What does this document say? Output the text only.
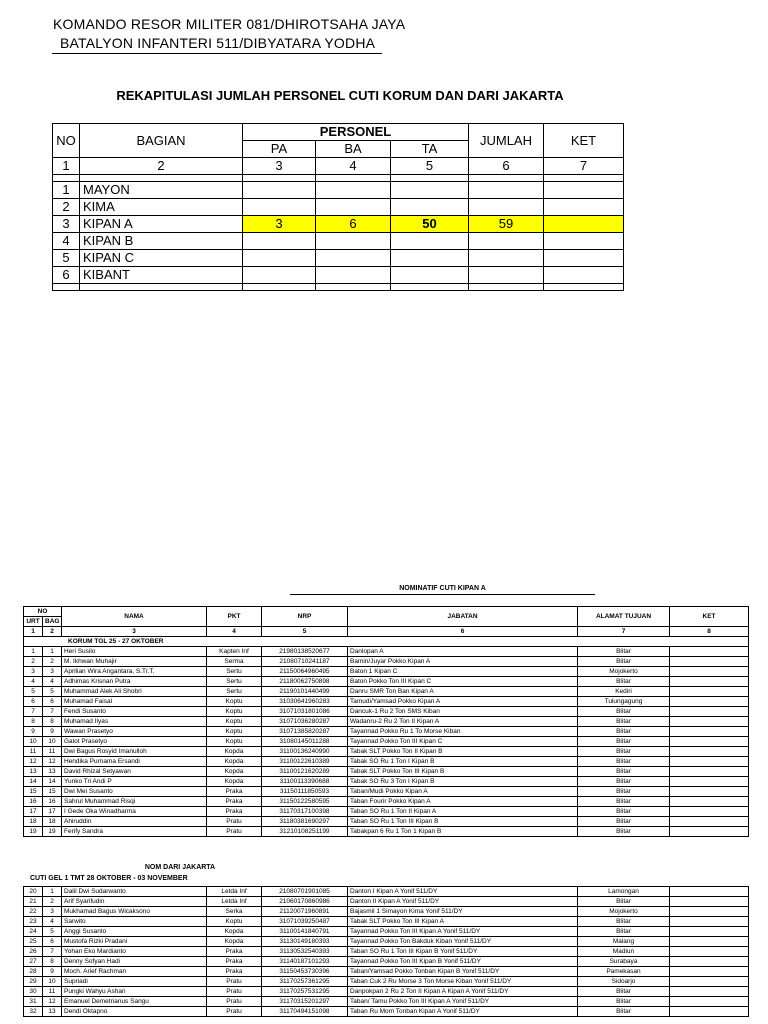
KOMANDO RESOR MILITER 081/DHIROTSAHA JAYA
BATALYON INFANTERI 511/DIBYATARA YODHA
REKAPITULASI JUMLAH PERSONEL CUTI KORUM DAN DARI JAKARTA
NO	BAGIAN	PERSONEL			JUMLAH	KET
		PA	BA	TA		
1	2	3	4	5	6	7

1	MAYON					
2	KIMA					
3	KIPAN A	3	6	50	59	
4	KIPAN B					
5	KIPAN C					
6	KIBANT					

NOMINATIF CUTI KIPAN A
NO		NAMA	PKT	NRP	JABATAN	ALAMAT TUJUAN	KET
URT	BAG						
1	2	3	4	5	6	7	8
KORUM TGL 25 - 27 OKTOBER							
1	1	Heri Susilo	Kapten Inf	21980138520677	Danlopan A	Blitar	
2	2	M. Ikhwan Muhajir	Serma	21080710241187	Bamin/Juyar Pokko Kipan A	Blitar	
3	3	Aprilian Wira Angantara, S.Tr.T.	Sertu	21150064960495	Baton 1 Kipan C	Mojokerto	
4	4	Adhimas Krisnan Putra	Sertu	21180062750898	Baton Pokko Ton III Kipan C	Blitar	
5	5	Muhammad Alek Ali Shobri	Sertu	21190101440499	Danru SMR Ton Ban Kipan A	Kediri	
6	6	Muhamad Faisal	Koptu	31030641960283	Tamudi/Yamsad Pokko Kipan A	Tulungagung	
7	7	Fendi Susanto	Koptu	31071031801086	Dancuk-1 Ru 2 Ton SMS Kiban	Blitar	
8	8	Muhamad Ilyas	Koptu	31071036280287	Wadanru-2 Ru 2 Ton II Kipan A	Blitar	
9	9	Wawan Prasetyo	Koptu	31071385820287	Tayannad Pokko Ru 1 To Morse Kiban	Blitar	
10	10	Galot Prasetyo	Koptu	31080145011288	Tayannad Pokko Ton III Kipan C	Blitar	
11	11	Dwi Bagus Rosyid Imanulloh	Kopda	31100136240990	Tabak SLT Pokko Ton II Kipan B	Blitar	
12	12	Hendika Purnama Ersandi	Kopda	31100122610389	Tabak SO Ru 1 Ton I Kipan B	Blitar	
13	13	David Rhizal Setyawan	Kopda	31100121620289	Tabak SLT Pokko Ton III Kipan B	Blitar	
14	14	Yunko Tri Andi P	Kopda	31100113390688	Tabak SO Ru 3 Ton I Kipan B	Blitar	
15	15	Dwi Mei Susanto	Praka	31150111850593	Taban/Mudi Pokko Kipan A	Blitar	
16	16	Sahrul Muhammad Risqi	Praka	31150122580595	Taban Fourir Pokko Kipan A	Blitar	
17	17	I Gede Oka Winadharma	Praka	31170317100398	Taban SO Ru 1 Ton II Kipan A	Blitar	
18	18	Ahiruddin	Pratu	31180381690297	Taban SO Ru 1 Ton III Kipan B	Blitar	
19	19	Ferify Sandra	Pratu	31210108251199	Tabakpan 6 Ru 1 Ton 1 Kipan B	Blitar	
NOM DARI JAKARTA
CUTI GEL 1 TMT 28 OKTOBER - 03 NOVEMBER
20	1	Dalil Dwi Sudarwanto	Letda Inf	21080701901085	Danton I Kipan A Yonif 511/DY	Lamongan	
21	2	Arif Syarifudin	Letda Inf	21060170860986	Danton II Kipan A Yonif 511/DY	Blitar	
22	3	Mukhamad Bagus Wicaksono	Serka	21120071960891	Bajasmil 1 Simayon Kima Yonif 511/DY	Mojokerto	
23	4	Sarwito	Koptu	31071039250487	Tabak SLT Pokko Ton III Kipan A	Blitar	
24	5	Anggi Susanto	Kopda	31100141840791	Tayannad Pokko Ton III Kipan A Yonif 511/DY	Blitar	
25	6	Mustofa Rizki Pradani	Kopda	31130149180393	Tayannad Pokko Ton Bakduk Kiban Yonif 511/DY	Malang	
26	7	Yohan Eko Mardianto	Praka	31130532540393	Taban SO Ru 1 Ton III Kipan B Yonif 511/DY	Madiun	
27	8	Denny Sofyan Hadi	Praka	31140187101293	Tayannad Pokko Ton III Kipan B Yonif 511/DY	Surabaya	
28	9	Moch. Arief Rachman	Praka	31150453730396	Taban/Yamsad Pokko Tonban Kipan B Yonif 511/DY	Pamekasan	
29	10	Supriadi	Pratu	31170257361295	Taban Cuk 2 Ru Morse 3 Ton Morse Kiban Yonif 511/DY	Sidoarjo	
30	11	Pungki Wahyu Ashari	Pratu	31170257531295	Danpokpan 2 Ru 2 Ton II Kipan A Kipan A Yonif 511/DY	Blitar	
31	12	Emanuel Demetrianus Sangu	Pratu	31170315201297	Taban/ Tamu Pokko Ton III Kipan A Yonif 511/DY	Blitar	
32	13	Dendi Oktapno	Pratu	31170494151098	Taban Ru Mom Tonban Kipan A Yonif 511/DY	Blitar	
